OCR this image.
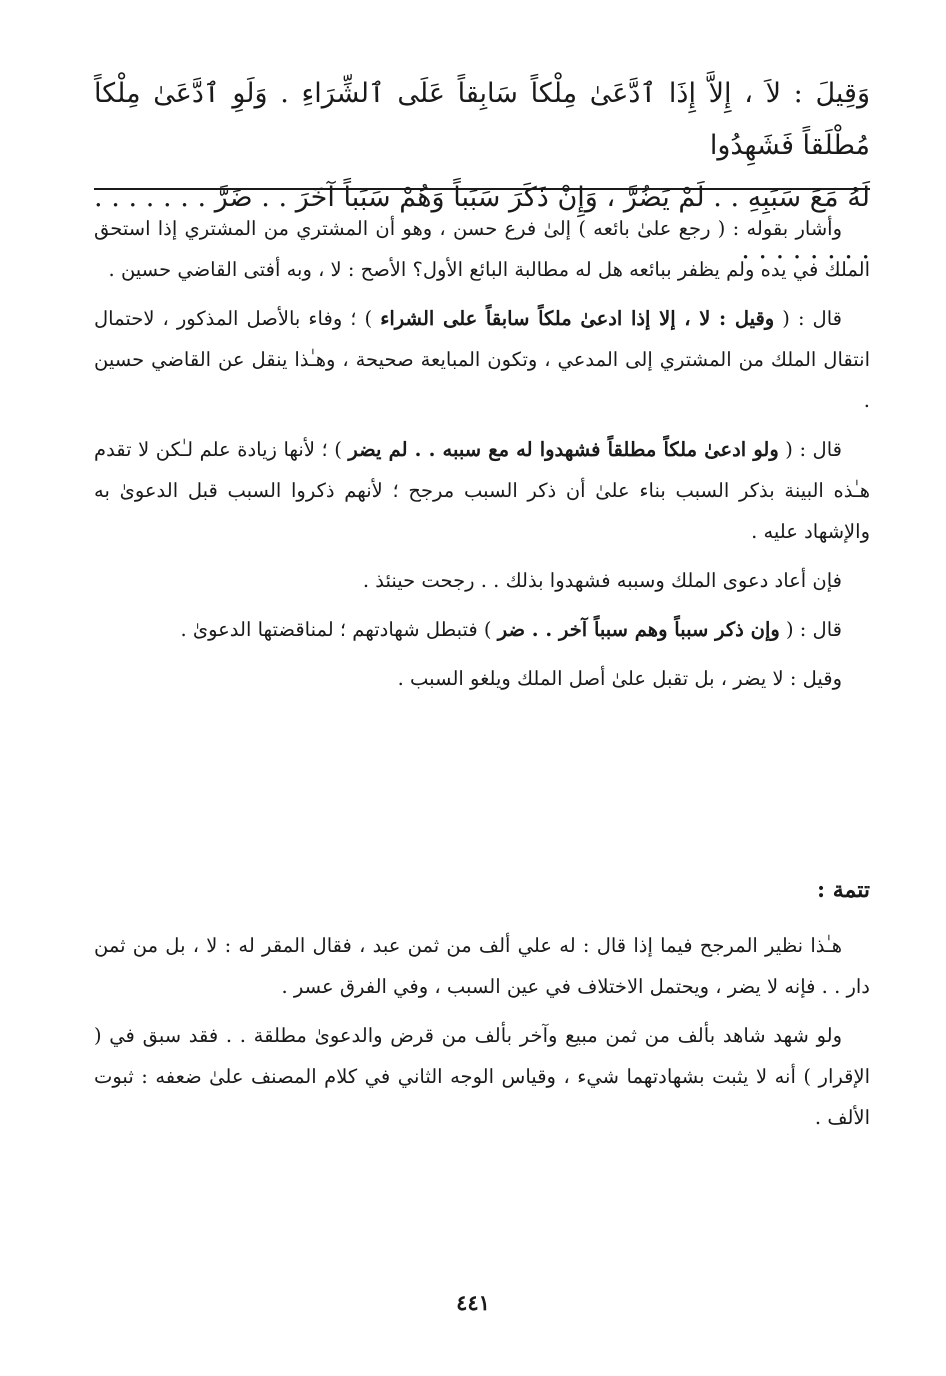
وَقِيلَ : لاَ ، إِلاَّ إِذَا ٱدَّعَىٰ مِلْكاً سَابِقاً عَلَى ٱلشِّرَاءِ . وَلَوِ ٱدَّعَىٰ مِلْكاً مُطْلَقاً فَشَهِدُوا

لَهُ مَعَ سَبَبِهِ . . لَمْ يَضُرَّ ، وَإِنْ ذَكَرَ سَبَباً وَهُمْ سَبَباً آخَرَ . . ضَرَّ . . . . . . . . . . . . . . .

وأشار بقوله : ( رجع علىٰ بائعه ) إلىٰ فرع حسن ، وهو أن المشتري من المشتري إذا استحق الملك في يده ولم يظفر ببائعه هل له مطالبة البائع الأول؟ الأصح : لا ، وبه أفتى القاضي حسين .

قال : ( وقيل : لا ، إلا إذا ادعىٰ ملكاً سابقاً على الشراء ) ؛ وفاء بالأصل المذكور ، لاحتمال انتقال الملك من المشتري إلى المدعي ، وتكون المبايعة صحيحة ، وهـٰذا ينقل عن القاضي حسين .

قال : ( ولو ادعىٰ ملكاً مطلقاً فشهدوا له مع سببه . . لم يضر ) ؛ لأنها زيادة علم لـٰكن لا تقدم هـٰذه البينة بذكر السبب بناء علىٰ أن ذكر السبب مرجح ؛ لأنهم ذكروا السبب قبل الدعوىٰ به والإشهاد عليه .

فإن أعاد دعوى الملك وسببه فشهدوا بذلك . . رجحت حينئذ .

قال : ( وإن ذكر سبباً وهم سبباً آخر . . ضر ) فتبطل شهادتهم ؛ لمناقضتها الدعوىٰ .

وقيل : لا يضر ، بل تقبل علىٰ أصل الملك ويلغو السبب .

تتمة :

هـٰذا نظير المرجح فيما إذا قال : له علي ألف من ثمن عبد ، فقال المقر له : لا ، بل من ثمن دار . . فإنه لا يضر ، ويحتمل الاختلاف في عين السبب ، وفي الفرق عسر .

ولو شهد شاهد بألف من ثمن مبيع وآخر بألف من قرض والدعوىٰ مطلقة . . فقد سبق في ( الإقرار ) أنه لا يثبت بشهادتهما شيء ، وقياس الوجه الثاني في كلام المصنف علىٰ ضعفه : ثبوت الألف .

٤٤١
